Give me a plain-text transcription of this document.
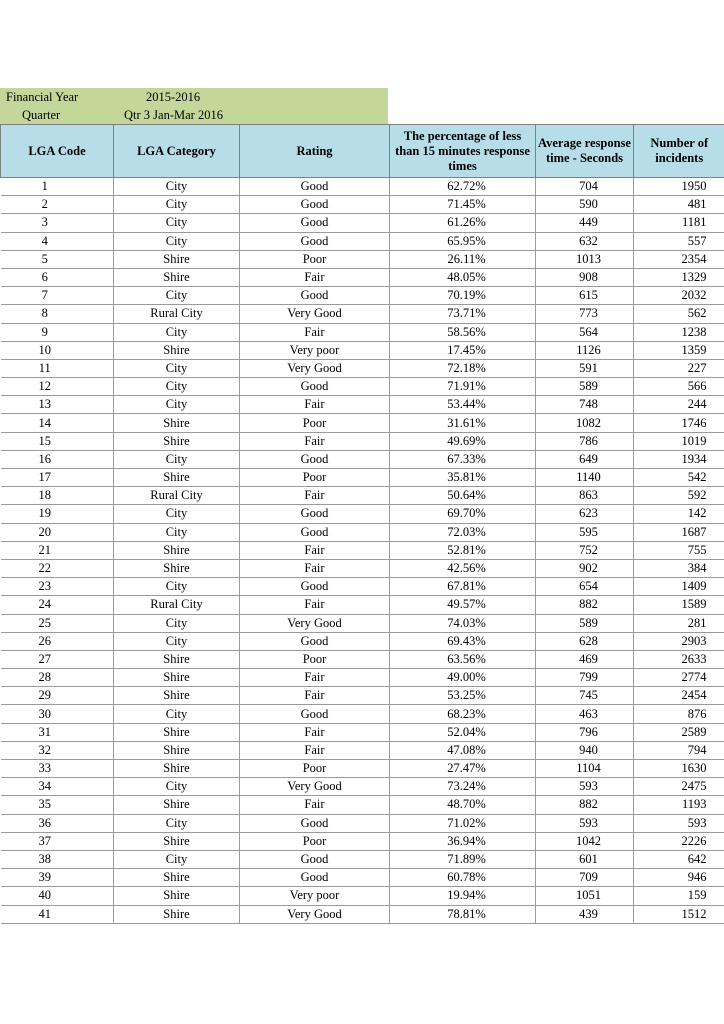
Financial Year	2015-2016
Quarter	Qtr 3 Jan-Mar 2016
LGA Code	LGA Category	Rating	The percentage of less than 15 minutes response times	Average response time - Seconds	Number of incidents
1	City	Good	62.72%	704	1950
2	City	Good	71.45%	590	481
3	City	Good	61.26%	449	1181
4	City	Good	65.95%	632	557
5	Shire	Poor	26.11%	1013	2354
6	Shire	Fair	48.05%	908	1329
7	City	Good	70.19%	615	2032
8	Rural City	Very Good	73.71%	773	562
9	City	Fair	58.56%	564	1238
10	Shire	Very poor	17.45%	1126	1359
11	City	Very Good	72.18%	591	227
12	City	Good	71.91%	589	566
13	City	Fair	53.44%	748	244
14	Shire	Poor	31.61%	1082	1746
15	Shire	Fair	49.69%	786	1019
16	City	Good	67.33%	649	1934
17	Shire	Poor	35.81%	1140	542
18	Rural City	Fair	50.64%	863	592
19	City	Good	69.70%	623	142
20	City	Good	72.03%	595	1687
21	Shire	Fair	52.81%	752	755
22	Shire	Fair	42.56%	902	384
23	City	Good	67.81%	654	1409
24	Rural City	Fair	49.57%	882	1589
25	City	Very Good	74.03%	589	281
26	City	Good	69.43%	628	2903
27	Shire	Poor	63.56%	469	2633
28	Shire	Fair	49.00%	799	2774
29	Shire	Fair	53.25%	745	2454
30	City	Good	68.23%	463	876
31	Shire	Fair	52.04%	796	2589
32	Shire	Fair	47.08%	940	794
33	Shire	Poor	27.47%	1104	1630
34	City	Very Good	73.24%	593	2475
35	Shire	Fair	48.70%	882	1193
36	City	Good	71.02%	593	593
37	Shire	Poor	36.94%	1042	2226
38	City	Good	71.89%	601	642
39	Shire	Good	60.78%	709	946
40	Shire	Very poor	19.94%	1051	159
41	Shire	Very Good	78.81%	439	1512
